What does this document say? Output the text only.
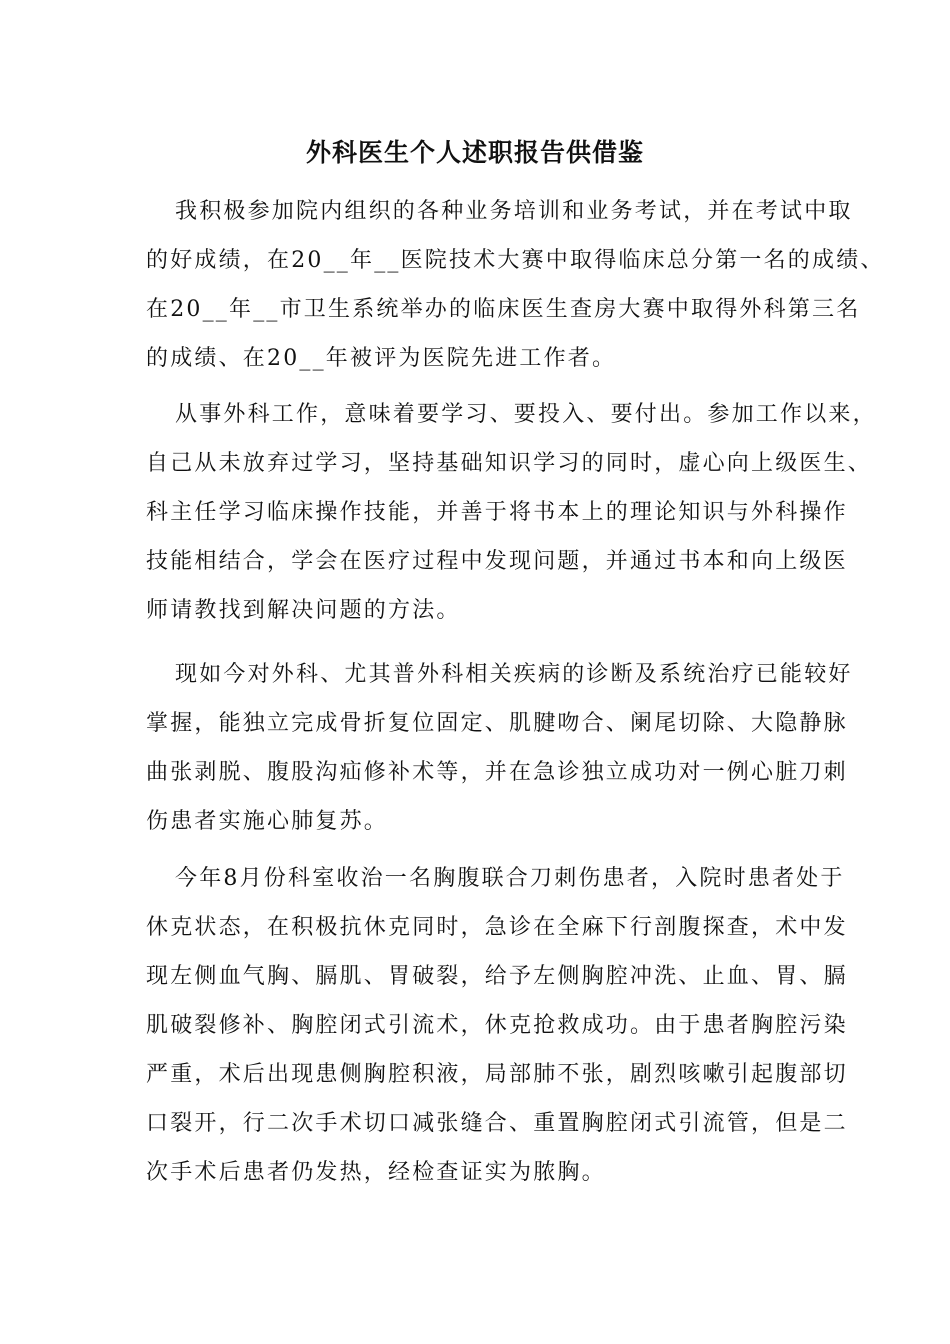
外科医生个人述职报告供借鉴
我积极参加院内组织的各种业务培训和业务考试，并在考试中取
的好成绩，在20__年__医院技术大赛中取得临床总分第一名的成绩、
在20__年__市卫生系统举办的临床医生查房大赛中取得外科第三名
的成绩、在20__年被评为医院先进工作者。
从事外科工作，意味着要学习、要投入、要付出。参加工作以来，
自己从未放弃过学习，坚持基础知识学习的同时，虚心向上级医生、
科主任学习临床操作技能，并善于将书本上的理论知识与外科操作
技能相结合，学会在医疗过程中发现问题，并通过书本和向上级医
师请教找到解决问题的方法。
现如今对外科、尤其普外科相关疾病的诊断及系统治疗已能较好
掌握，能独立完成骨折复位固定、肌腱吻合、阑尾切除、大隐静脉
曲张剥脱、腹股沟疝修补术等，并在急诊独立成功对一例心脏刀刺
伤患者实施心肺复苏。
今年8月份科室收治一名胸腹联合刀刺伤患者，入院时患者处于
休克状态，在积极抗休克同时，急诊在全麻下行剖腹探查，术中发
现左侧血气胸、膈肌、胃破裂，给予左侧胸腔冲洗、止血、胃、膈
肌破裂修补、胸腔闭式引流术，休克抢救成功。由于患者胸腔污染
严重，术后出现患侧胸腔积液，局部肺不张，剧烈咳嗽引起腹部切
口裂开，行二次手术切口减张缝合、重置胸腔闭式引流管，但是二
次手术后患者仍发热，经检查证实为脓胸。
